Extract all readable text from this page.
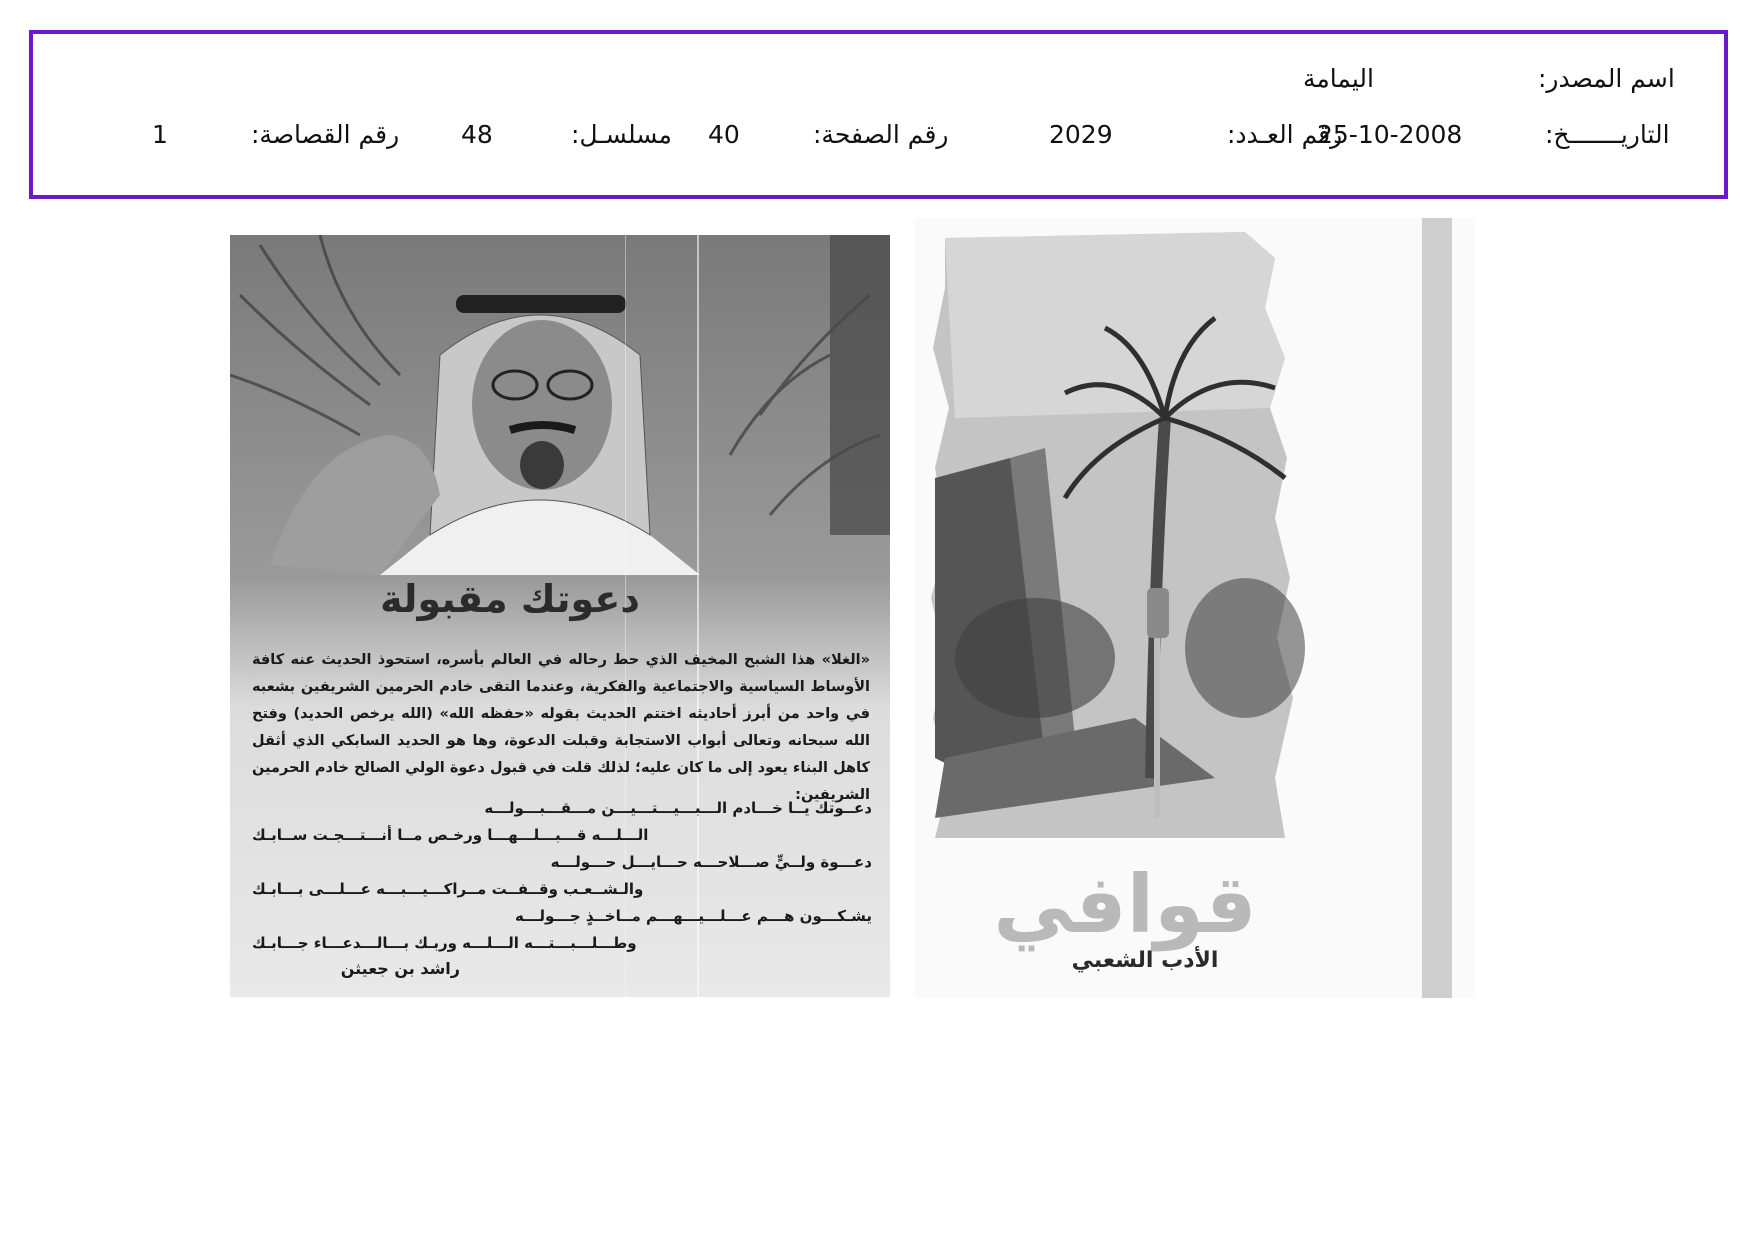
اسم المصدر:
اليمامة
التاريـــــــخ:
25-10-2008
رقم العـدد:
2029
رقم الصفحة:
40
مسلسـل:
48
رقم القصاصة:
1
دعوتك مقبولة

«الغلا» هذا الشبح المخيف الذي حط رحاله في العالم بأسره، استحوذ الحديث عنه كافة الأوساط السياسية والاجتماعية والفكرية، وعندما التقى خادم الحرمين الشريفين بشعبه في واحد من أبرز أحاديثه اختتم الحديث بقوله «حفظه الله» (الله يرخص الحديد) وفتح الله سبحانه وتعالى أبواب الاستجابة وقبلت الدعوة، وها هو الحديد السابكي الذي أثقل كاهل البناء يعود إلى ما كان عليه؛ لذلك قلت في قبول دعوة الولي الصالح خادم الحرمين الشريفين:

دعــوتك يــا خـــادم الـــبـــيـــتـــيـــن مـــقـــبـــولـــه
الـــلـــه قـــبـــلـــهـــا ورخـص مــا أنـــتـــجـت ســابـك
دعـــوة ولــيٍّ صـــلاحـــه حـــايـــل حـــولـــه
والـشــعـب وقــفــت مــراكـــيـــبـــه عـــلـــى بـــابـك
يشـكـــون هـــم عـــلـــيـــهـــم مــاخــذٍ جـــولـــه
وطـــلـــبـــتـــه الـــلـــه وربـك بـــالـــدعـــاء جـــابـك
راشد بن جعيثن
قوافي
الأدب الشعبي
